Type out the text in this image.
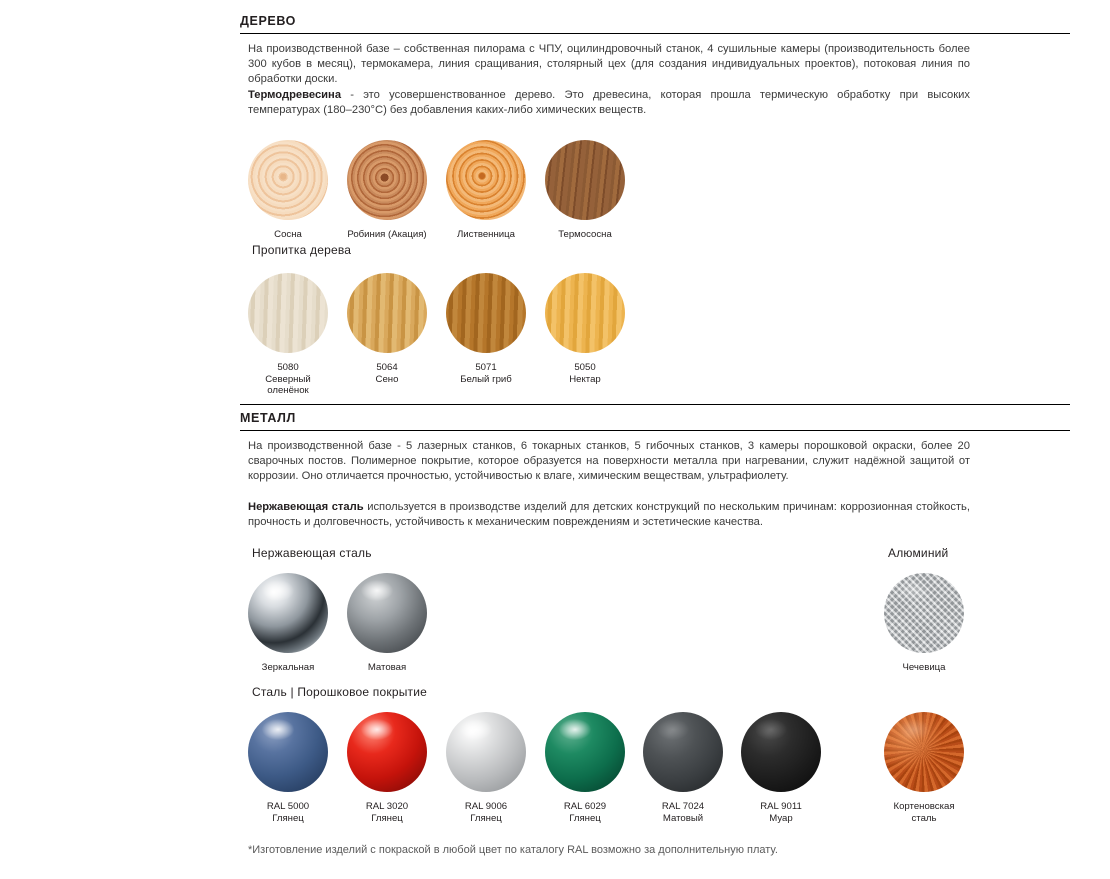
ДЕРЕВО
На производственной базе – собственная пилорама с ЧПУ, оцилиндровочный станок, 4 сушильные камеры (производительность более 300 кубов в месяц), термокамера, линия сращивания, столярный цех (для создания индивидуальных проектов), потоковая линия по обработки доски.
Термодревесина - это усовершенствованное дерево. Это древесина, которая прошла термическую обработку при высоких температурах (180–230°C) без добавления каких-либо химических веществ.
Сосна	Робиния (Акация)	Лиственница	Термососна
Пропитка дерева
5080
Северный оленёнок
5064
Сено
5071
Белый гриб
5050
Нектар
МЕТАЛЛ
На производственной базе - 5 лазерных станков, 6 токарных станков, 5 гибочных станков, 3 камеры порошковой окраски, более 20 сварочных постов. Полимерное покрытие, которое образуется на поверхности металла при нагревании, служит надёжной защитой от коррозии. Оно отличается прочностью, устойчивостью к влаге, химическим веществам, ультрафиолету.
Нержавеющая сталь используется в производстве изделий для детских конструкций по нескольким причинам: коррозионная стойкость, прочность и долговечность, устойчивость к механическим повреждениям и эстетические качества.
Нержавеющая сталь	Алюминий
Зеркальная	Матовая	Чечевица
Сталь | Порошковое покрытие
RAL 5000
Глянец
RAL 3020
Глянец
RAL 9006
Глянец
RAL 6029
Глянец
RAL 7024
Матовый
RAL 9011
Муар
Кортеновская
сталь
*Изготовление изделий с покраской в любой цвет по каталогу RAL возможно за дополнительную плату.
